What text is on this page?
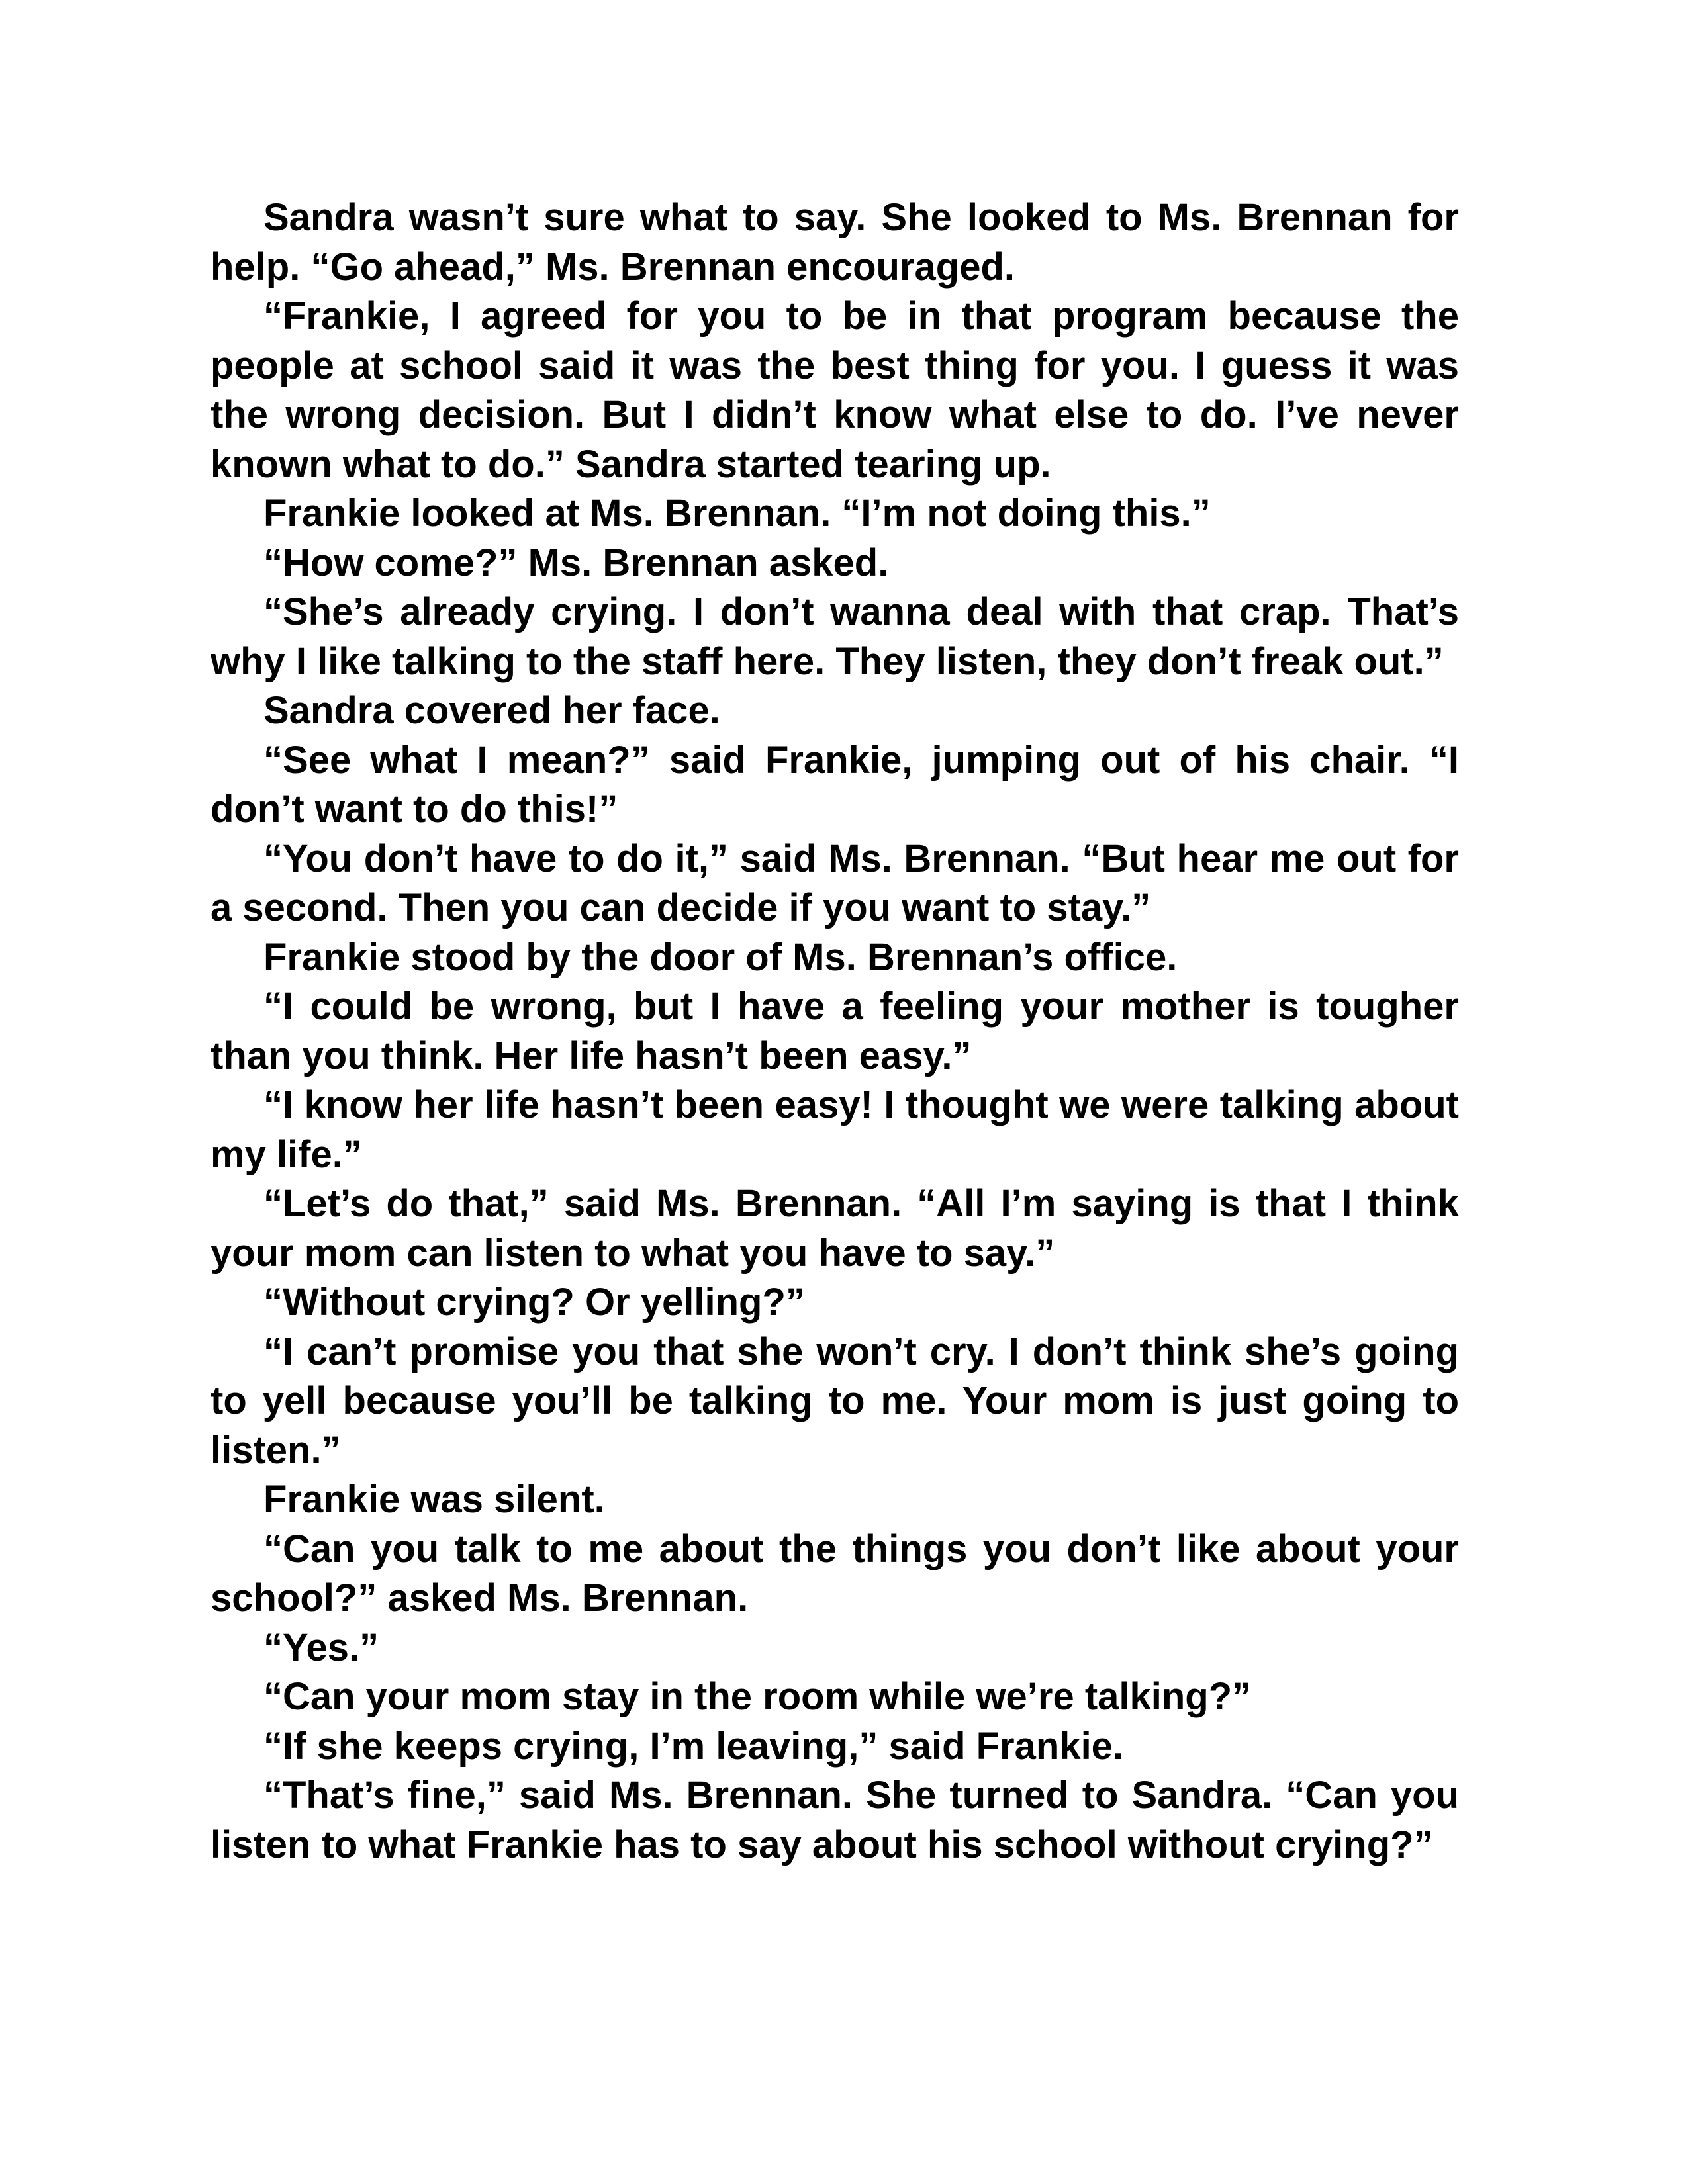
Sandra wasn’t sure what to say. She looked to Ms. Brennan for help. “Go ahead,” Ms. Brennan encouraged.

“Frankie, I agreed for you to be in that program because the people at school said it was the best thing for you. I guess it was the wrong decision. But I didn’t know what else to do. I’ve never known what to do.” Sandra started tearing up.

Frankie looked at Ms. Brennan. “I’m not doing this.”

“How come?” Ms. Brennan asked.

“She’s already crying. I don’t wanna deal with that crap. That’s why I like talking to the staff here. They listen, they don’t freak out.”

Sandra covered her face.

“See what I mean?” said Frankie, jumping out of his chair. “I don’t want to do this!”

“You don’t have to do it,” said Ms. Brennan. “But hear me out for a second. Then you can decide if you want to stay.”

Frankie stood by the door of Ms. Brennan’s office.

“I could be wrong, but I have a feeling your mother is tougher than you think. Her life hasn’t been easy.”

“I know her life hasn’t been easy! I thought we were talking about my life.”

“Let’s do that,” said Ms. Brennan. “All I’m saying is that I think your mom can listen to what you have to say.”

“Without crying? Or yelling?”

“I can’t promise you that she won’t cry. I don’t think she’s going to yell because you’ll be talking to me. Your mom is just going to listen.”

Frankie was silent.

“Can you talk to me about the things you don’t like about your school?” asked Ms. Brennan.

“Yes.”

“Can your mom stay in the room while we’re talking?”

“If she keeps crying, I’m leaving,” said Frankie.

“That’s fine,” said Ms. Brennan. She turned to Sandra. “Can you listen to what Frankie has to say about his school without crying?”
